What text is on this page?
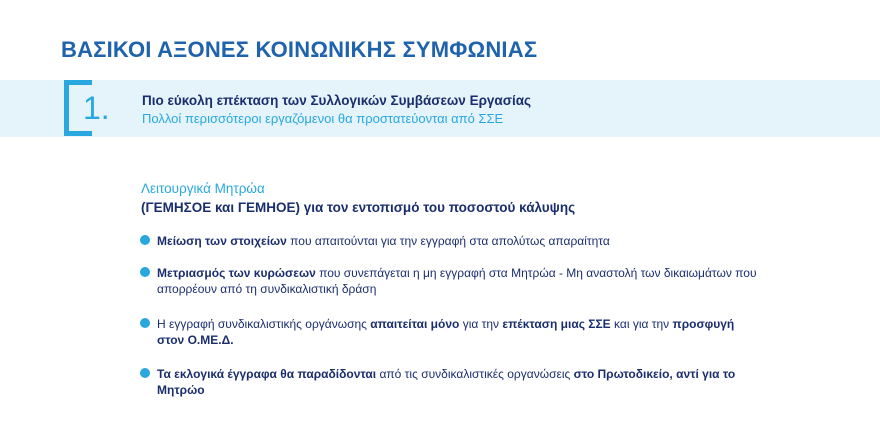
ΒΑΣΙΚΟΙ ΑΞΟΝΕΣ ΚΟΙΝΩΝΙΚΗΣ ΣΥΜΦΩΝΙΑΣ
1. Πιο εύκολη επέκταση των Συλλογικών Συμβάσεων Εργασίας
Πολλοί περισσότεροι εργαζόμενοι θα προστατεύονται από ΣΣΕ
Λειτουργικά Μητρώα
(ΓΕΜΗΣΟΕ και ΓΕΜΗΟΕ) για τον εντοπισμό του ποσοστού κάλυψης
Μείωση των στοιχείων που απαιτούνται για την εγγραφή στα απολύτως απαραίτητα
Μετριασμός των κυρώσεων που συνεπάγεται η μη εγγραφή στα Μητρώα - Μη αναστολή των δικαιωμάτων που απορρέουν από τη συνδικαλιστική δράση
Η εγγραφή συνδικαλιστικής οργάνωσης απαιτείται μόνο για την επέκταση μιας ΣΣΕ και για την προσφυγή στον Ο.ΜΕ.Δ.
Τα εκλογικά έγγραφα θα παραδίδονται από τις συνδικαλιστικές οργανώσεις στο Πρωτοδικείο, αντί για το Μητρώο
